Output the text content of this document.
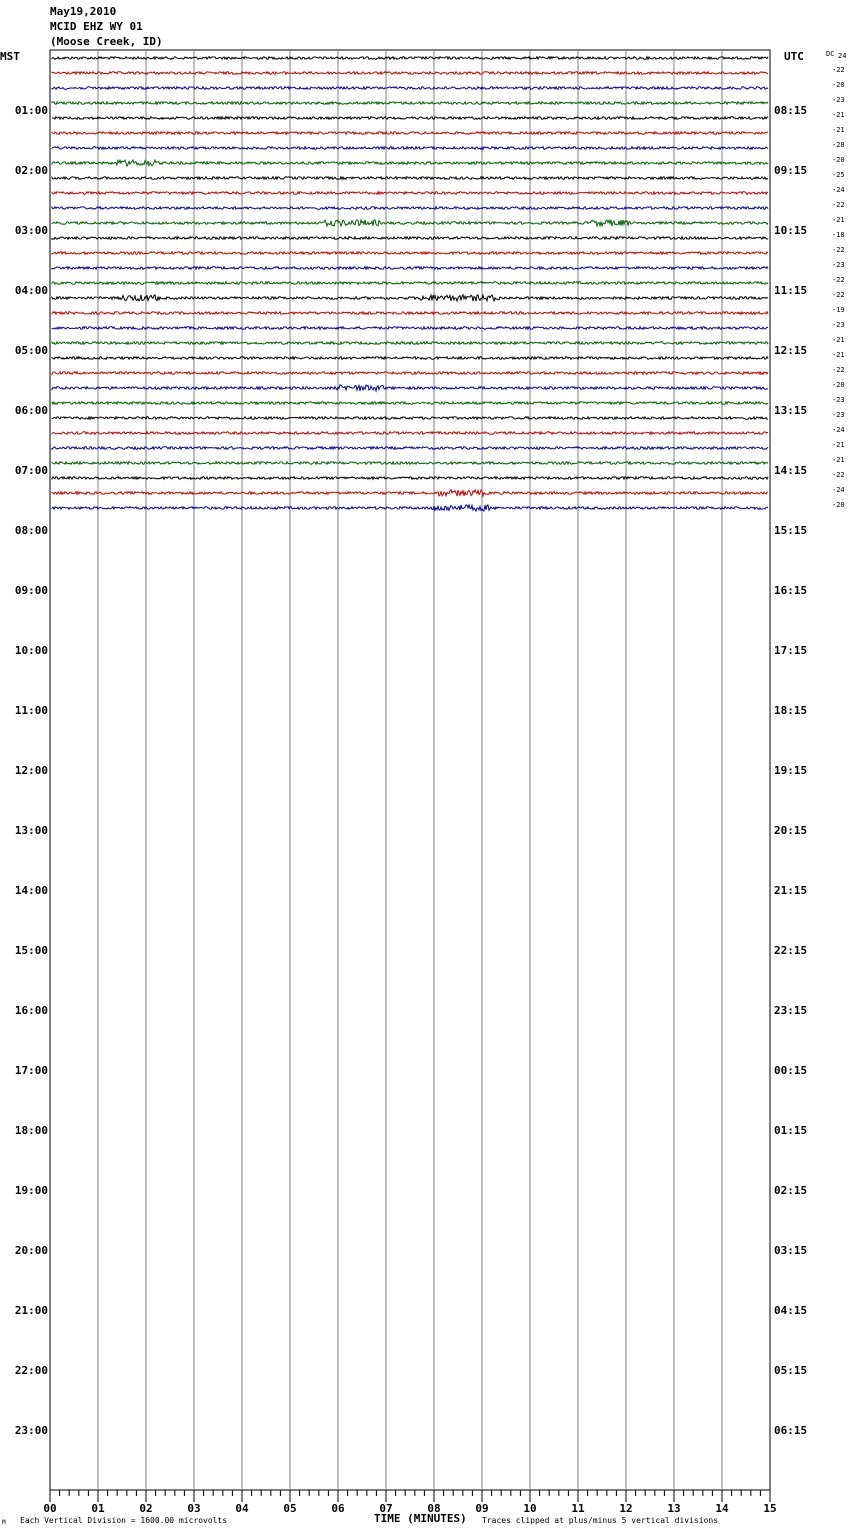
May19,2010
MCID EHZ WY 01
(Moose Creek, ID)
00	01	02	03	04	05	06	07	08	09	10	11	12	13	14	15
MST	UTC	DC
01:00
02:00
03:00
04:00
05:00
06:00
07:00
08:00
09:00
10:00
11:00
12:00
13:00
14:00
15:00
16:00
17:00
18:00
19:00
20:00
21:00
22:00
23:00
08:15
09:15
10:15
11:15
12:15
13:15
14:15
15:15
16:15
17:15
18:15
19:15
20:15
21:15
22:15
23:15
00:15
01:15
02:15
03:15
04:15
05:15
06:15
24
-22
-20
-23
-21
-21
-28
-20
-25
-24
-22
-21
-18
-22
-23
-22
-22
-19
-23
-21
-21
-22
-20
-23
-23
-24
-21
-21
-22
-24
-20
M Each Vertical Division = 1600.00 microvolts	TIME (MINUTES) Traces clipped at plus/minus 5 vertical divisions
